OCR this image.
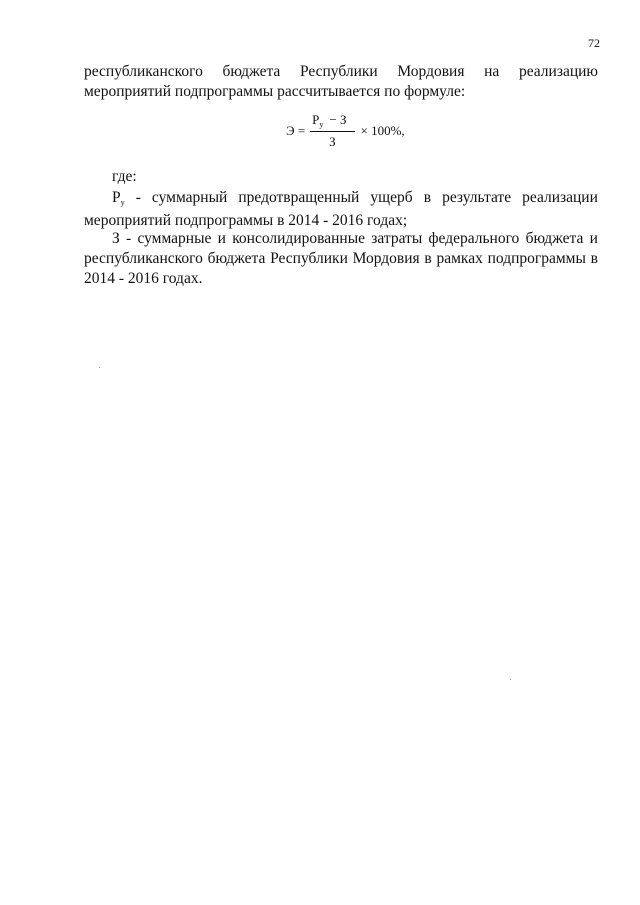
72
республиканского бюджета Республики Мордовия на реализацию
мероприятий подпрограммы рассчитывается по формуле:
$Э = \frac{Р_у - З}{З} \times 100\%$,
где:
Ру - суммарный предотвращенный ущерб в результате реализации
мероприятий подпрограммы в 2014 - 2016 годах;
З - суммарные и консолидированные затраты федерального бюджета и
республиканского бюджета Республики Мордовия в рамках подпрограммы в
2014 - 2016 годах.
